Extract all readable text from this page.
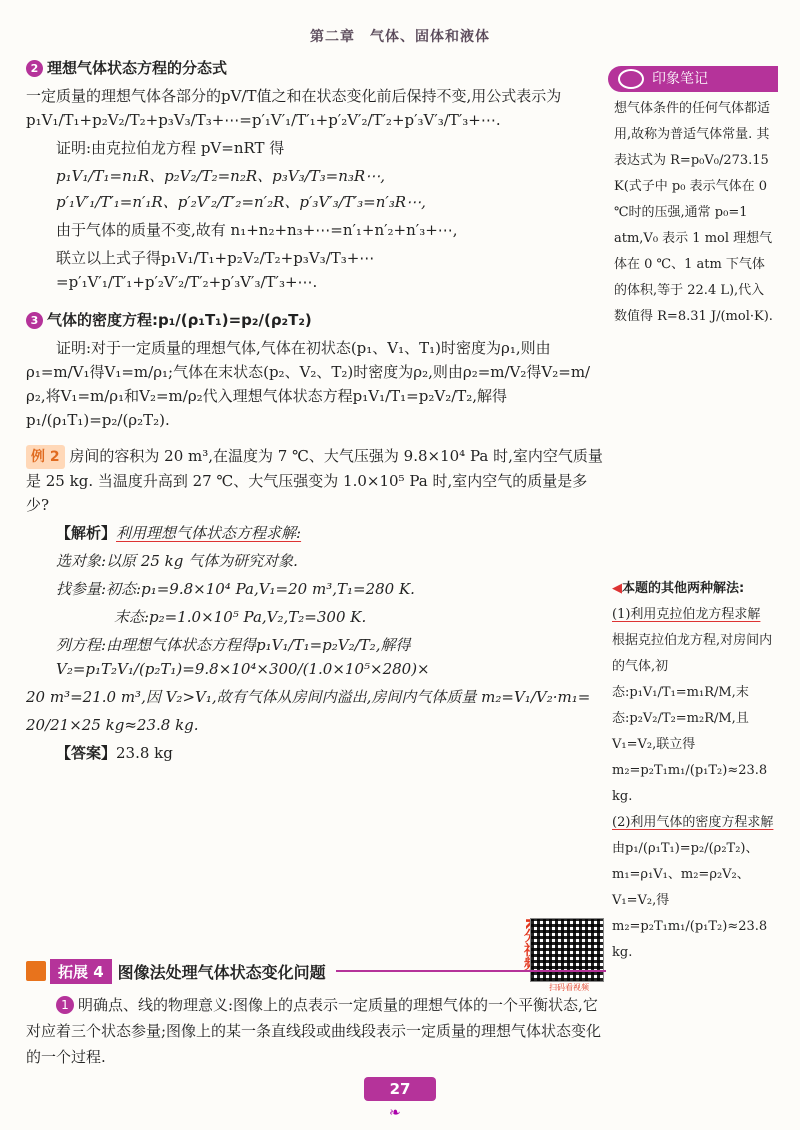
第二章　气体、固体和液体
2 理想气体状态方程的分态式
一定质量的理想气体各部分的pV/T值之和在状态变化前后保持不变,用公式表示为p₁V₁/T₁+p₂V₂/T₂+p₃V₃/T₃+⋯=p′₁V′₁/T′₁+p′₂V′₂/T′₂+p′₃V′₃/T′₃+⋯.
证明:由克拉伯龙方程 pV=nRT 得
p₁V₁/T₁=n₁R、p₂V₂/T₂=n₂R、p₃V₃/T₃=n₃R⋯,
p′₁V′₁/T′₁=n′₁R、p′₂V′₂/T′₂=n′₂R、p′₃V′₃/T′₃=n′₃R⋯,
由于气体的质量不变,故有 n₁+n₂+n₃+⋯=n′₁+n′₂+n′₃+⋯,
联立以上式子得p₁V₁/T₁+p₂V₂/T₂+p₃V₃/T₃+⋯=p′₁V′₁/T′₁+p′₂V′₂/T′₂+p′₃V′₃/T′₃+⋯.
3 气体的密度方程:p₁/(ρ₁T₁)=p₂/(ρ₂T₂)
证明:对于一定质量的理想气体,气体在初状态(p₁、V₁、T₁)时密度为ρ₁,则由ρ₁=m/V₁得V₁=m/ρ₁;气体在末状态(p₂、V₂、T₂)时密度为ρ₂,则由ρ₂=m/V₂得V₂=m/ρ₂,将V₁=m/ρ₁和V₂=m/ρ₂代入理想气体状态方程p₁V₁/T₁=p₂V₂/T₂,解得p₁/(ρ₁T₁)=p₂/(ρ₂T₂).
例 2 房间的容积为 20 m³,在温度为 7 ℃、大气压强为 9.8×10⁴ Pa 时,室内空气质量是 25 kg. 当温度升高到 27 ℃、大气压强变为 1.0×10⁵ Pa 时,室内空气的质量是多少?
【解析】利用理想气体状态方程求解:
选对象:以原 25 kg 气体为研究对象.
找参量:初态:p₁=9.8×10⁴ Pa,V₁=20 m³,T₁=280 K.
末态:p₂=1.0×10⁵ Pa,V₂,T₂=300 K.
列方程:由理想气体状态方程得p₁V₁/T₁=p₂V₂/T₂,解得 V₂=p₁T₂V₁/(p₂T₁)=9.8×10⁴×300/(1.0×10⁵×280)×
20 m³=21.0 m³,因 V₂>V₁,故有气体从房间内溢出,房间内气体质量 m₂=V₁/V₂·m₁=
20/21×25 kg≈23.8 kg.
【答案】23.8 kg
扫码看视频
拓展 4 图像法处理气体状态变化问题
1 明确点、线的物理意义:图像上的点表示一定质量的理想气体的一个平衡状态,它对应着三个状态参量;图像上的某一条直线段或曲线段表示一定质量的理想气体状态变化的一个过程.
印象笔记
想气体条件的任何气体都适用,故称为普适气体常量. 其表达式为 R=p₀V₀/273.15 K(式子中 p₀ 表示气体在 0 ℃时的压强,通常 p₀=1 atm,V₀ 表示 1 mol 理想气体在 0 ℃、1 atm 下气体的体积,等于 22.4 L),代入数值得 R=8.31 J/(mol·K).
◀本题的其他两种解法:
(1)利用克拉伯龙方程求解
根据克拉伯龙方程,对房间内的气体,初态:p₁V₁/T₁=m₁R/M,末态:p₂V₂/T₂=m₂R/M,且 V₁=V₂,联立得 m₂=p₂T₁m₁/(p₁T₂)≈23.8 kg.
(2)利用气体的密度方程求解
由p₁/(ρ₁T₁)=p₂/(ρ₂T₂)、m₁=ρ₁V₁、m₂=ρ₂V₂、V₁=V₂,得 m₂=p₂T₁m₁/(p₁T₂)≈23.8 kg.
27
❧
